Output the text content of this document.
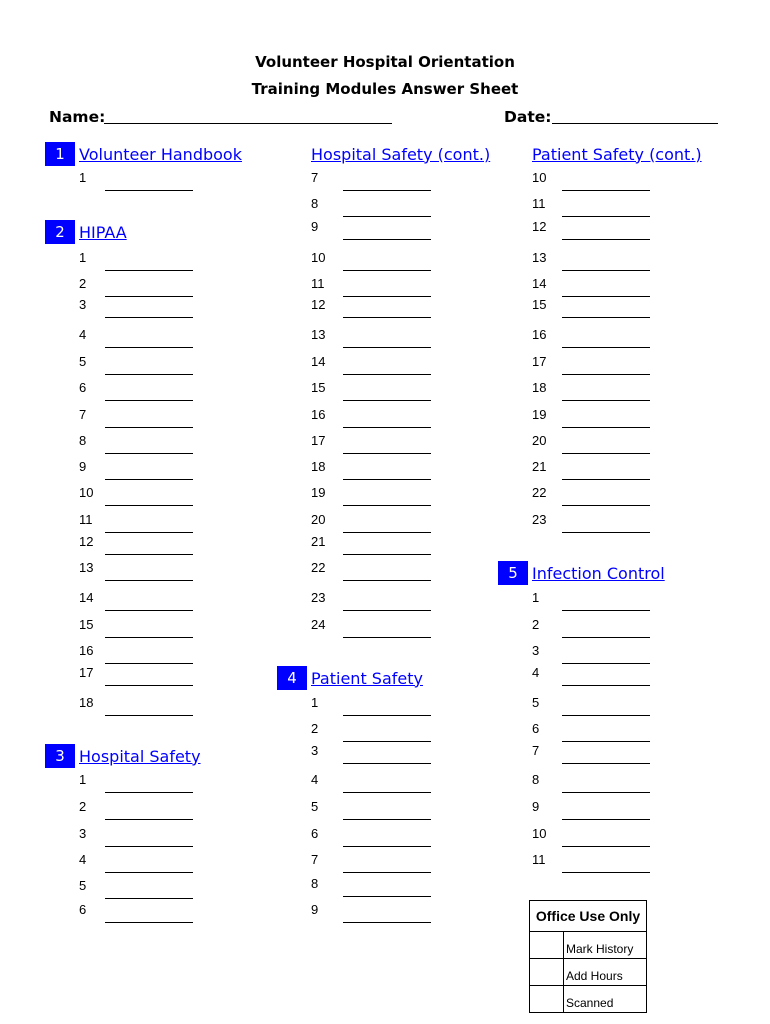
Volunteer Hospital Orientation
Training Modules Answer Sheet
Name:	Date:
1 Volunteer Handbook
1
2 HIPAA
1
2
3
4
5
6
7
8
9
10
11
12
13
14
15
16
17
18
3 Hospital Safety
1
2
3
4
5
6
Hospital Safety (cont.)
7
8
9
10
11
12
13
14
15
16
17
18
19
20
21
22
23
24
4 Patient Safety
1
2
3
4
5
6
7
8
9
Patient Safety (cont.)
10
11
12
13
14
15
16
17
18
19
20
21
22
23
5 Infection Control
1
2
3
4
5
6
7
8
9
10
11
Office Use Only
Mark History
Add Hours
Scanned
